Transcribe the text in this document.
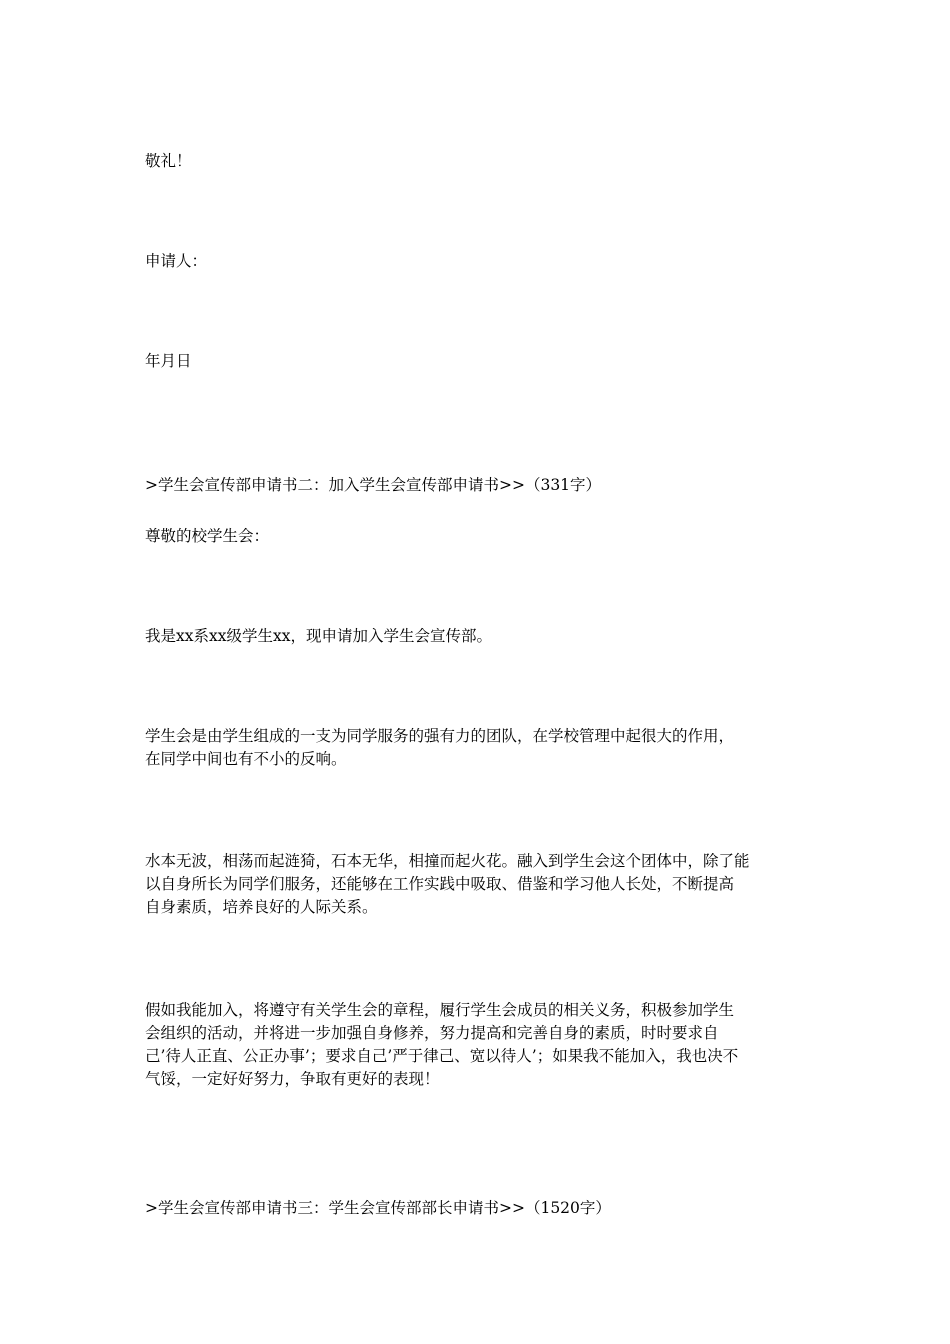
敬礼！
申请人：
年月日
>学生会宣传部申请书二：加入学生会宣传部申请书>>（331字）
尊敬的校学生会：
我是xx系xx级学生xx，现申请加入学生会宣传部。
学生会是由学生组成的一支为同学服务的强有力的团队，在学校管理中起很大的作用，
在同学中间也有不小的反响。
水本无波，相荡而起涟猗，石本无华，相撞而起火花。融入到学生会这个团体中，除了能
以自身所长为同学们服务，还能够在工作实践中吸取、借鉴和学习他人长处，不断提高
自身素质，培养良好的人际关系。
假如我能加入，将遵守有关学生会的章程，履行学生会成员的相关义务，积极参加学生
会组织的活动，并将进一步加强自身修养，努力提高和完善自身的素质，时时要求自
己’待人正直、公正办事’；要求自己’严于律己、宽以待人’；如果我不能加入，我也决不
气馁，一定好好努力，争取有更好的表现！
>学生会宣传部申请书三：学生会宣传部部长申请书>>（1520字）
